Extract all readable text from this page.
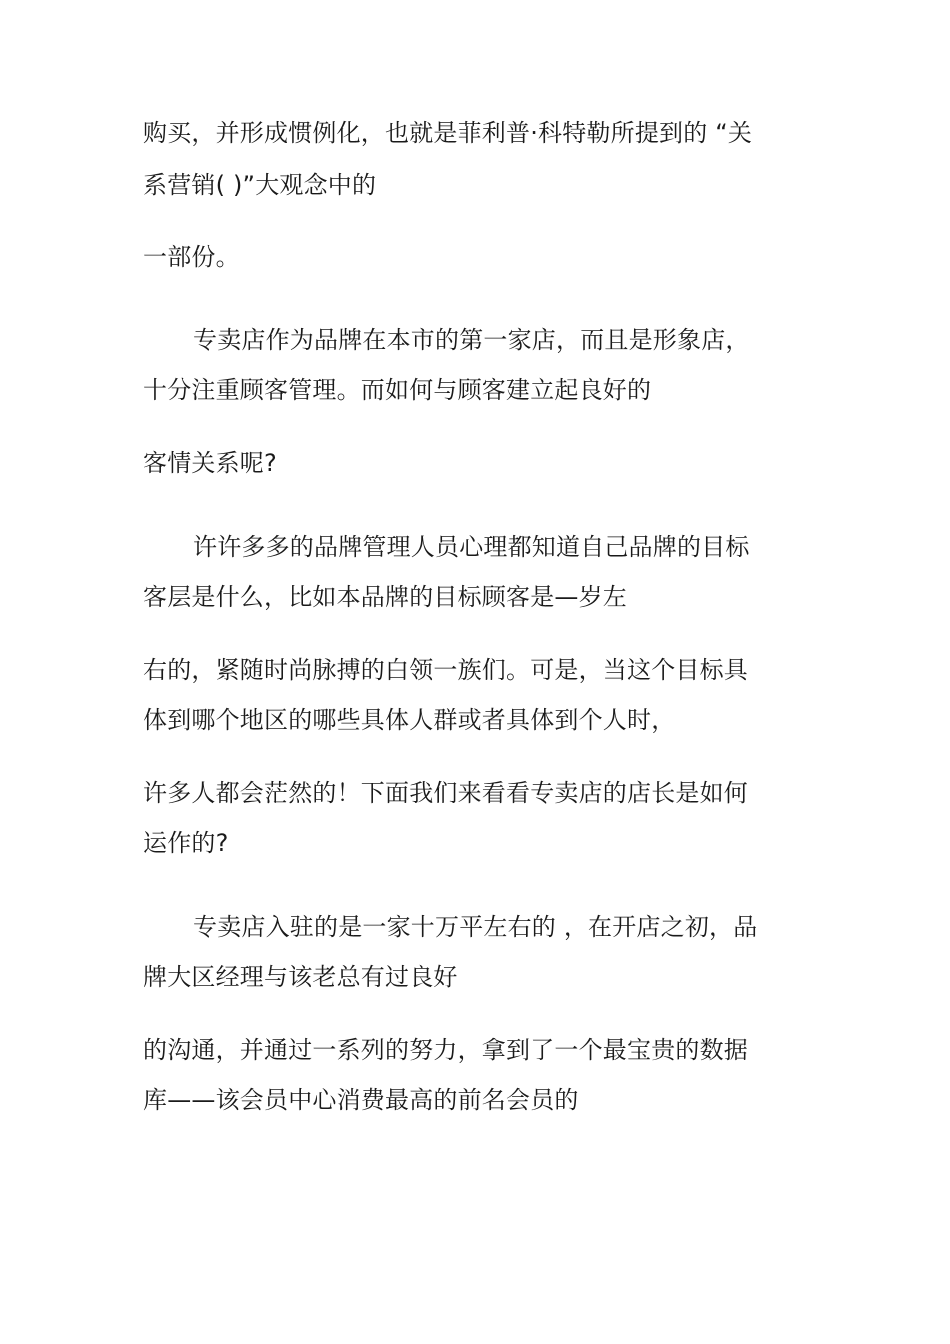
购买，并形成惯例化，也就是菲利普·科特勒所提到的 “关
系营销( )”大观念中的
一部份。
专卖店作为品牌在本市的第一家店，而且是形象店，
十分注重顾客管理。而如何与顾客建立起良好的
客情关系呢?
许许多多的品牌管理人员心理都知道自己品牌的目标
客层是什么，比如本品牌的目标顾客是—岁左
右的，紧随时尚脉搏的白领一族们。可是，当这个目标具
体到哪个地区的哪些具体人群或者具体到个人时，
许多人都会茫然的！下面我们来看看专卖店的店长是如何
运作的?
专卖店入驻的是一家十万平左右的 ，在开店之初，品
牌大区经理与该老总有过良好
的沟通，并通过一系列的努力，拿到了一个最宝贵的数据
库——该会员中心消费最高的前名会员的
